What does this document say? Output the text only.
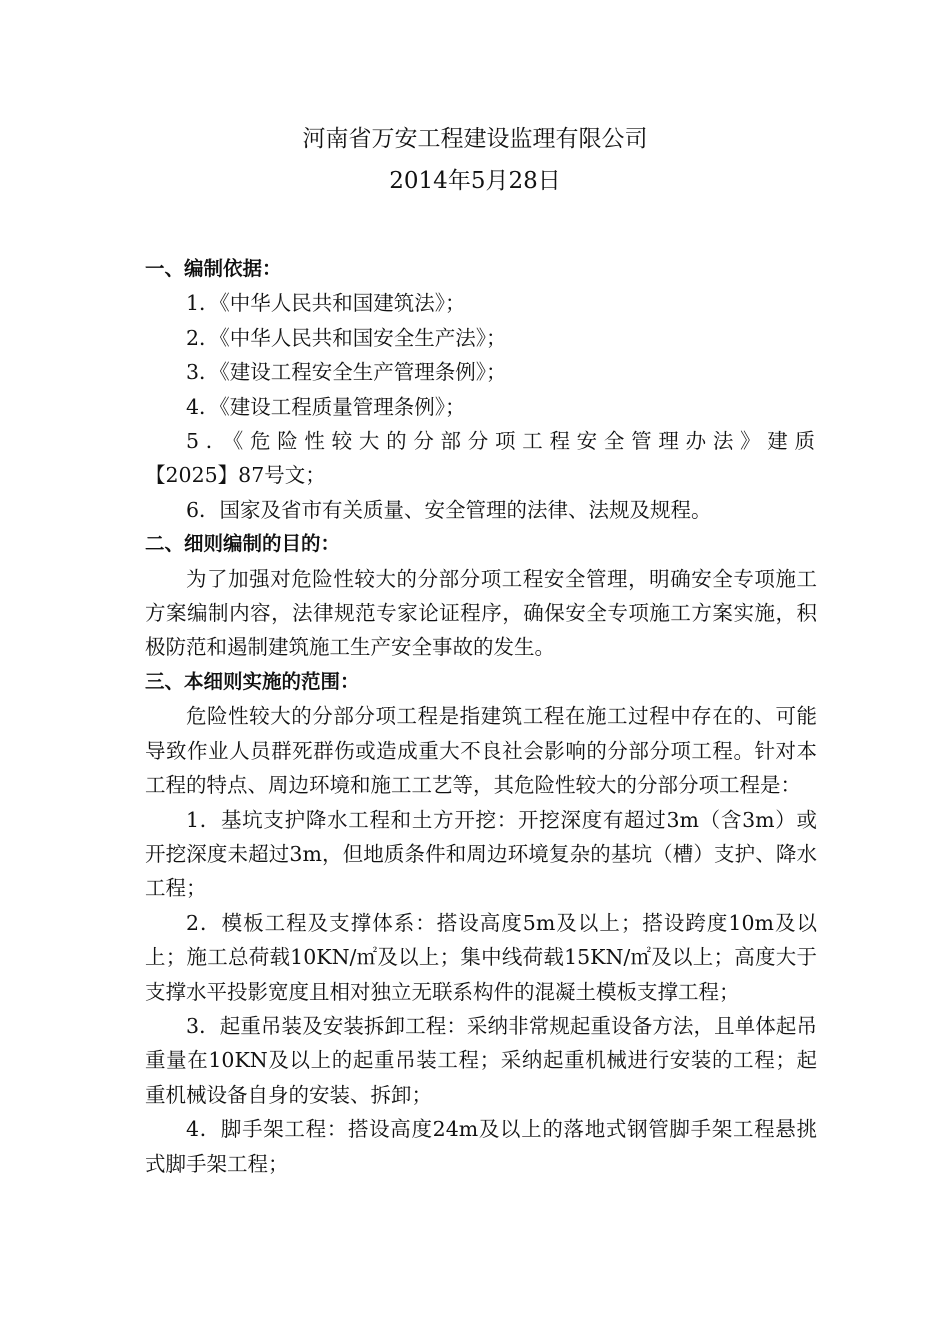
河南省万安工程建设监理有限公司
2014年5月28日
一、编制依据：
1．《中华人民共和国建筑法》；
2．《中华人民共和国安全生产法》；
3．《建设工程安全生产管理条例》；
4．《建设工程质量管理条例》；
5．《危险性较大的分部分项工程安全管理办法》建质
【2025】87号文；
6．国家及省市有关质量、安全管理的法律、法规及规程。
二、细则编制的目的：
为了加强对危险性较大的分部分项工程安全管理，明确安全专项施工方案编制内容，法律规范专家论证程序，确保安全专项施工方案实施，积极防范和遏制建筑施工生产安全事故的发生。
三、本细则实施的范围：
危险性较大的分部分项工程是指建筑工程在施工过程中存在的、可能导致作业人员群死群伤或造成重大不良社会影响的分部分项工程。针对本工程的特点、周边环境和施工工艺等，其危险性较大的分部分项工程是：
1．基坑支护降水工程和土方开挖：开挖深度有超过3m（含3m）或开挖深度未超过3m，但地质条件和周边环境复杂的基坑（槽）支护、降水工程；
2．模板工程及支撑体系：搭设高度5m及以上；搭设跨度10m及以上；施工总荷载10KN/㎡及以上；集中线荷载15KN/㎡及以上；高度大于支撑水平投影宽度且相对独立无联系构件的混凝土模板支撑工程；
3．起重吊装及安装拆卸工程：采纳非常规起重设备方法，且单体起吊重量在10KN及以上的起重吊装工程；采纳起重机械进行安装的工程；起重机械设备自身的安装、拆卸；
4．脚手架工程：搭设高度24m及以上的落地式钢管脚手架工程悬挑式脚手架工程；
